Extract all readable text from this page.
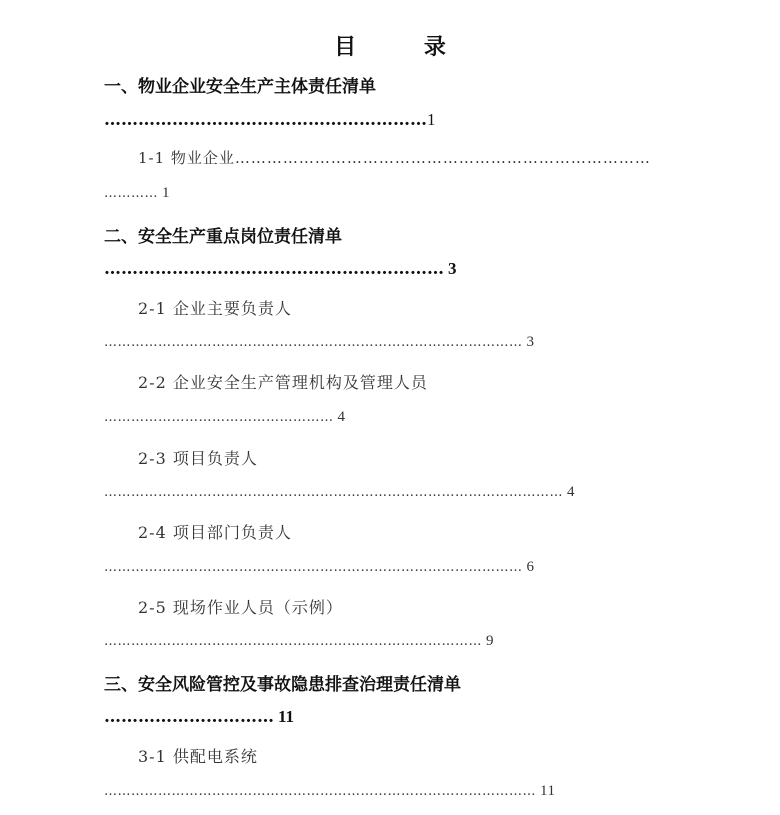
目 录
一、物业企业安全生产主体责任清单
…………………………………………………1
1-1 物业企业……………………………………………………………………
………… 1
二、安全生产重点岗位责任清单
…………………………………………………… 3
2-1 企业主要负责人
………………………………………………………………………………… 3
2-2 企业安全生产管理机构及管理人员
…………………………………………… 4
2-3 项目负责人
………………………………………………………………………………………… 4
2-4 项目部门负责人
………………………………………………………………………………… 6
2-5 现场作业人员（示例）
………………………………………………………………………… 9
三、安全风险管控及事故隐患排查治理责任清单
………………………… 11
3-1 供配电系统
…………………………………………………………………………………… 11
